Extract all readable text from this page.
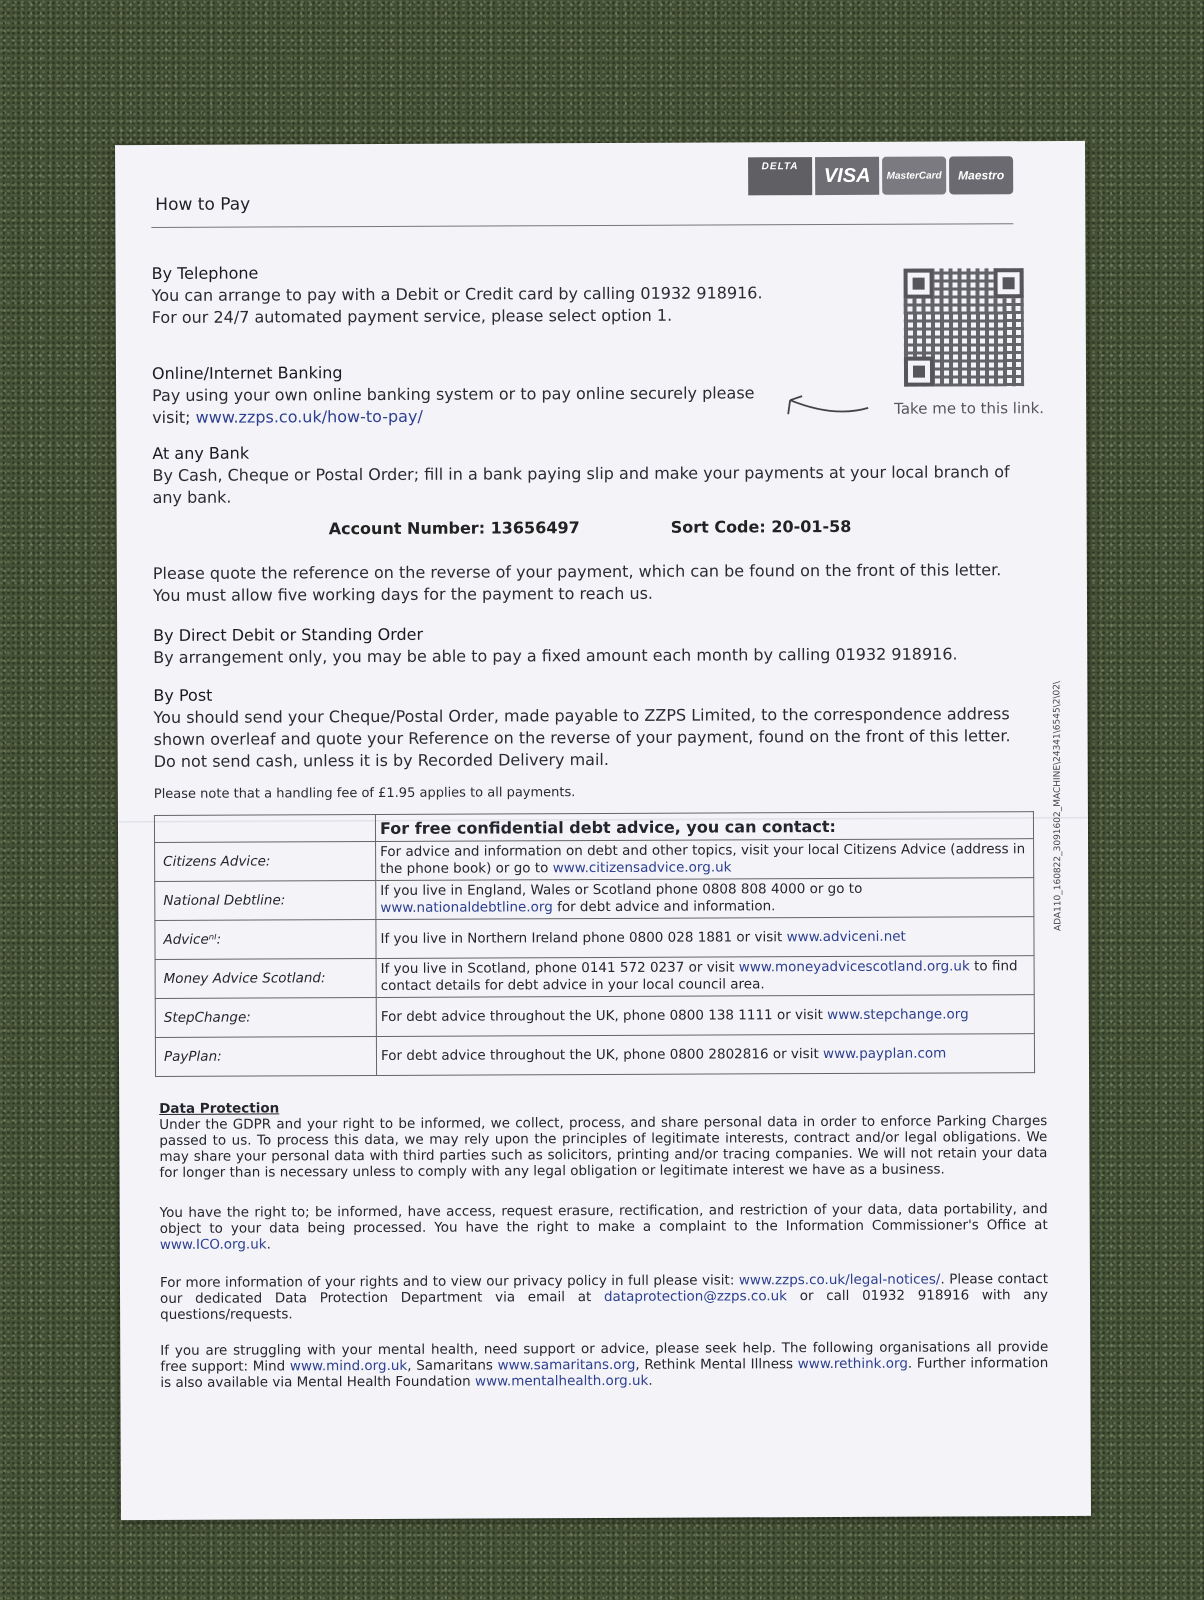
DELTA	VISA	MasterCard	Maestro
How to Pay
By Telephone

You can arrange to pay with a Debit or Credit card by calling 01932 918916.

For our 24/7 automated payment service, please select option 1.

Take me to this link.
Online/Internet Banking

Pay using your own online banking system or to pay online securely please

visit; www.zzps.co.uk/how-to-pay/

At any Bank

By Cash, Cheque or Postal Order; fill in a bank paying slip and make your payments at your local branch of any bank.

Account Number: 13656497	Sort Code: 20-01-58

Please quote the reference on the reverse of your payment, which can be found on the front of this letter.

You must allow five working days for the payment to reach us.

By Direct Debit or Standing Order

By arrangement only, you may be able to pay a fixed amount each month by calling 01932 918916.

By Post

You should send your Cheque/Postal Order, made payable to ZZPS Limited, to the correspondence address

shown overleaf and quote your Reference on the reverse of your payment, found on the front of this letter.

Do not send cash, unless it is by Recorded Delivery mail.

Please note that a handling fee of £1.95 applies to all payments.
	For free confidential debt advice, you can contact:
Citizens Advice:	For advice and information on debt and other topics, visit your local Citizens Advice (address in the phone book) or go to www.citizensadvice.org.uk
National Debtline:	If you live in England, Wales or Scotland phone 0808 808 4000 or go to www.nationaldebtline.org for debt advice and information.
Adviceⁿᴵ:	If you live in Northern Ireland phone 0800 028 1881 or visit www.adviceni.net
Money Advice Scotland:	If you live in Scotland, phone 0141 572 0237 or visit www.moneyadvicescotland.org.uk to find contact details for debt advice in your local council area.
StepChange:	For debt advice throughout the UK, phone 0800 138 1111 or visit www.stepchange.org
PayPlan:	For debt advice throughout the UK, phone 0800 2802816 or visit www.payplan.com
Data Protection

Under the GDPR and your right to be informed, we collect, process, and share personal data in order to enforce Parking Charges passed to us. To process this data, we may rely upon the principles of legitimate interests, contract and/or legal obligations. We may share your personal data with third parties such as solicitors, printing and/or tracing companies. We will not retain your data for longer than is necessary unless to comply with any legal obligation or legitimate interest we have as a business.

You have the right to; be informed, have access, request erasure, rectification, and restriction of your data, data portability, and object to your data being processed. You have the right to make a complaint to the Information Commissioner's Office at www.ICO.org.uk.

For more information of your rights and to view our privacy policy in full please visit: www.zzps.co.uk/legal-notices/. Please contact our dedicated Data Protection Department via email at dataprotection@zzps.co.uk or call 01932 918916 with any questions/requests.

If you are struggling with your mental health, need support or advice, please seek help. The following organisations all provide free support: Mind www.mind.org.uk, Samaritans www.samaritans.org, Rethink Mental Illness www.rethink.org. Further information is also available via Mental Health Foundation www.mentalhealth.org.uk.

ADA110_160822_3091602_MACHINE\24341\6545\2\02\
